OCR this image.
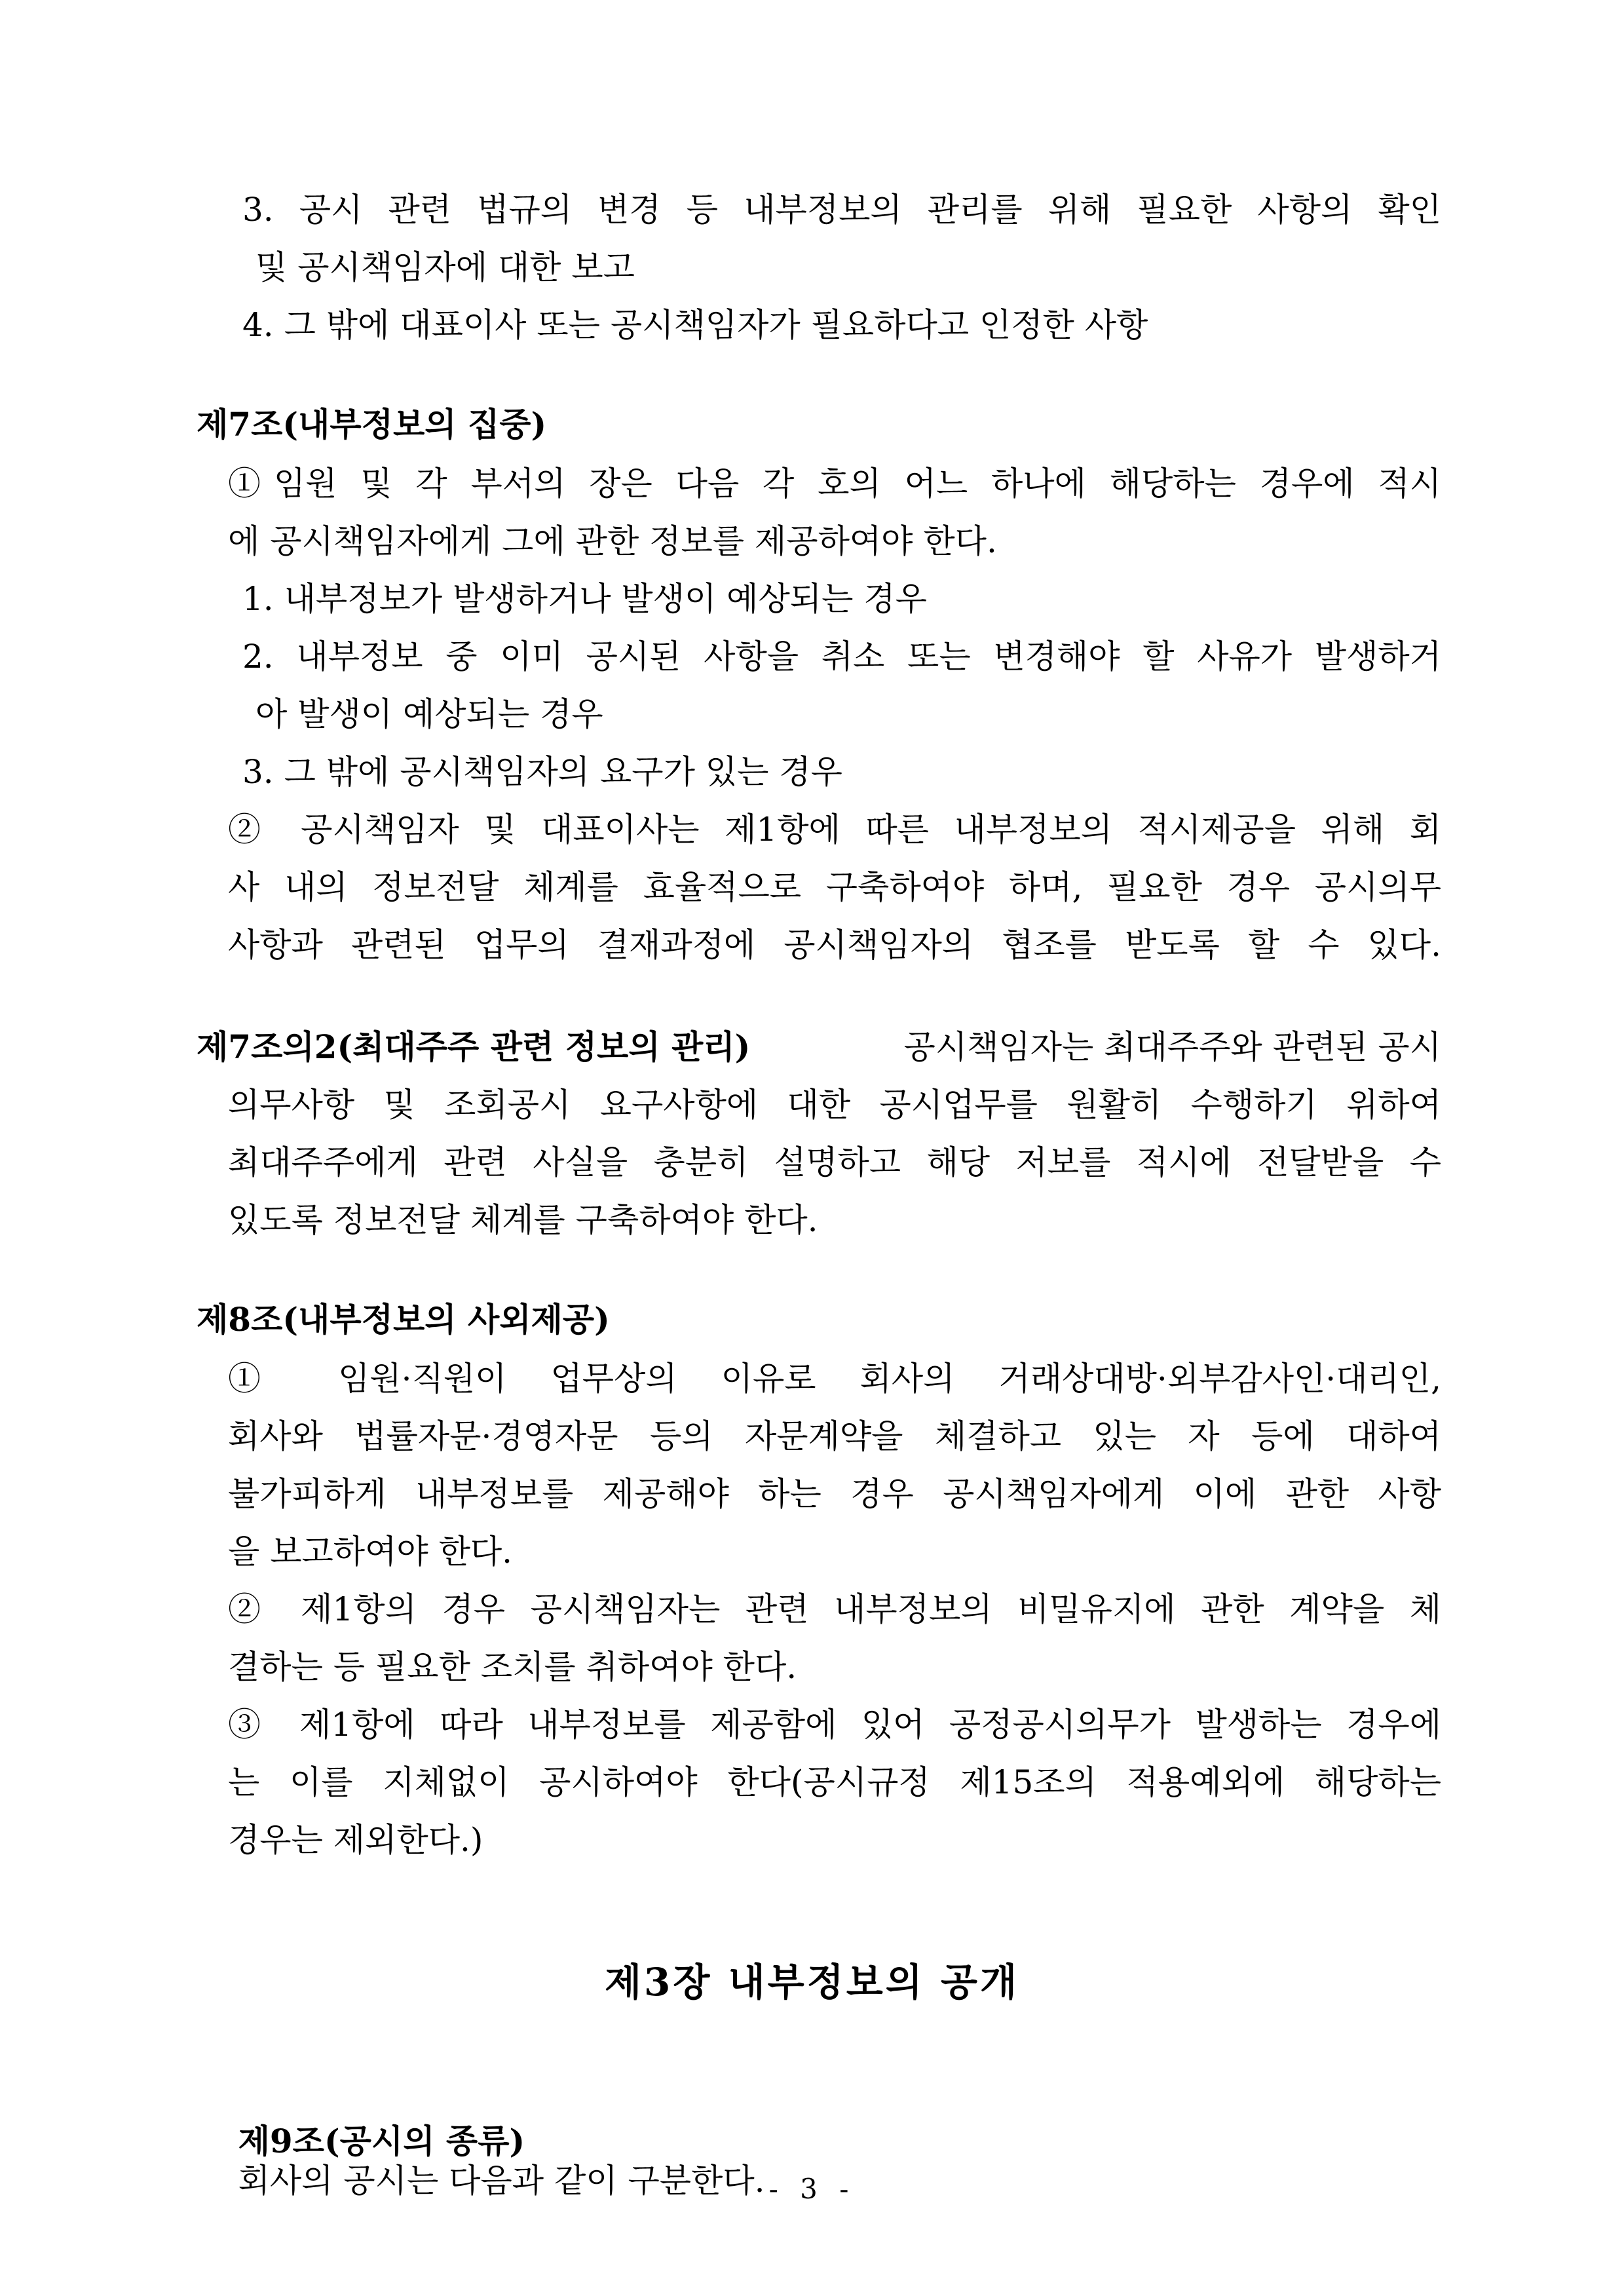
3. 공시 관련 법규의 변경 등 내부정보의 관리를 위해 필요한 사항의 확인
및 공시책임자에 대한 보고
4. 그 밖에 대표이사 또는 공시책임자가 필요하다고 인정한 사항
제7조(내부정보의 집중)
①임원 및 각 부서의 장은 다음 각 호의 어느 하나에 해당하는 경우에 적시
에 공시책임자에게 그에 관한 정보를 제공하여야 한다.
1. 내부정보가 발생하거나 발생이 예상되는 경우
2. 내부정보 중 이미 공시된 사항을 취소 또는 변경해야 할 사유가 발생하거
아 발생이 예상되는 경우
3. 그 밖에 공시책임자의 요구가 있는 경우
② 공시책임자 및 대표이사는 제1항에 따른 내부정보의 적시제공을 위해 회
사 내의 정보전달 체계를 효율적으로 구축하여야 하며, 필요한 경우 공시의무
사항과 관련된 업무의 결재과정에 공시책임자의 협조를 받도록 할 수 있다.
제7조의2(최대주주 관련 정보의 관리)	공시책임자는 최대주주와 관련된 공시
의무사항 및 조회공시 요구사항에 대한 공시업무를 원활히 수행하기 위하여
최대주주에게 관련 사실을 충분히 설명하고 해당 저보를 적시에 전달받을 수
있도록 정보전달 체계를 구축하여야 한다.
제8조(내부정보의 사외제공)
① 임원·직원이 업무상의 이유로 회사의 거래상대방·외부감사인·대리인,
회사와 법률자문·경영자문 등의 자문계약을 체결하고 있는 자 등에 대하여
불가피하게 내부정보를 제공해야 하는 경우 공시책임자에게 이에 관한 사항
을 보고하여야 한다.
② 제1항의 경우 공시책임자는 관련 내부정보의 비밀유지에 관한 계약을 체
결하는 등 필요한 조치를 취하여야 한다.
③ 제1항에 따라 내부정보를 제공함에 있어 공정공시의무가 발생하는 경우에
는 이를 지체없이 공시하여야 한다(공시규정 제15조의 적용예외에 해당하는
경우는 제외한다.)
제3장 내부정보의 공개

제9조(공시의 종류)
회사의 공시는 다음과 같이 구분한다.
- 3 -
